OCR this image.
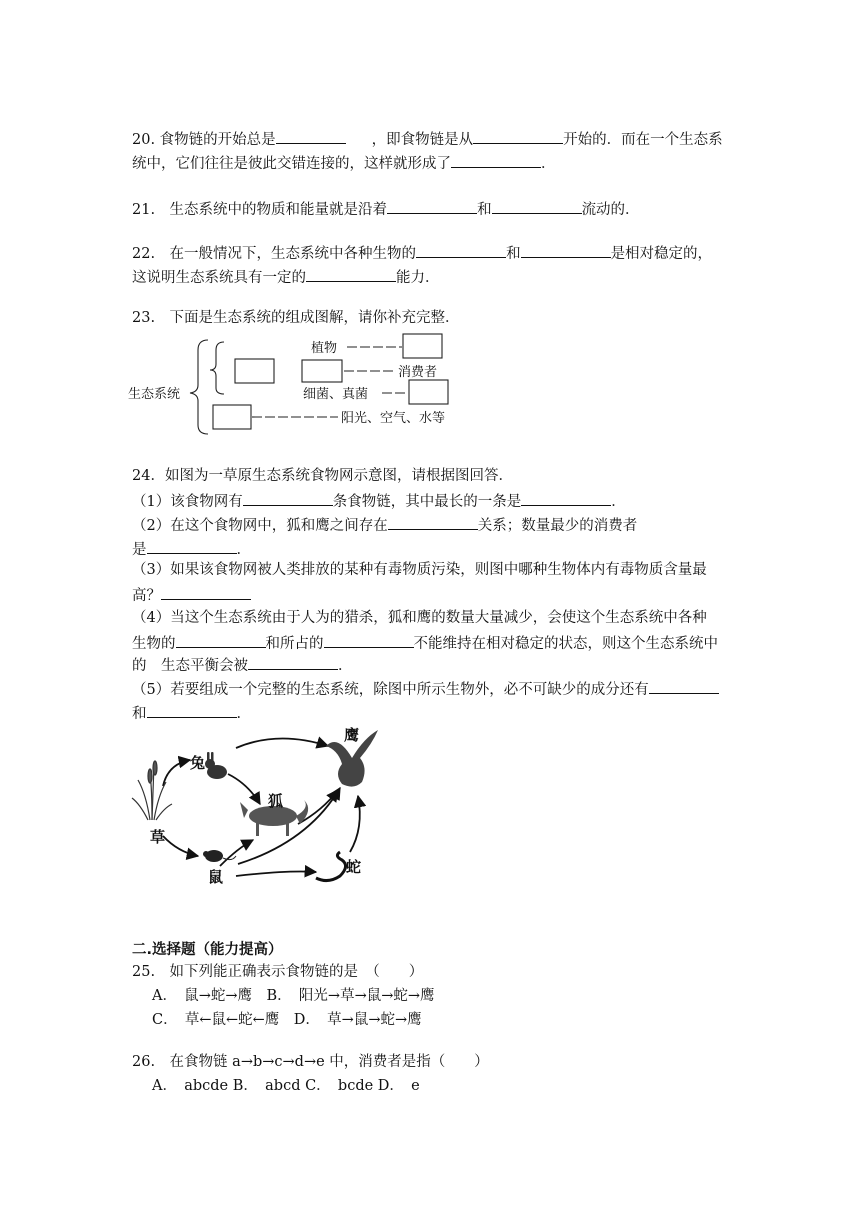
20. 食物链的开始总是	，即食物链是从	开始的．而在一个生态系
统中，它们往往是彼此交错连接的，这样就形成了	．
21.　生态系统中的物质和能量就是沿着	和	流动的．
22.　在一般情况下，生态系统中各种生物的	和	是相对稳定的，
这说明生态系统具有一定的	能力．
23.　下面是生态系统的组成图解，请你补充完整．
生态系统
植物
消费者
细菌、真菌
阳光、空气、水等
24．如图为一草原生态系统食物网示意图，请根据图回答．
（1）该食物网有	条食物链，其中最长的一条是	．
（2）在这个食物网中，狐和鹰之间存在	关系；数量最少的消费者
是	．
（3）如果该食物网被人类排放的某种有毒物质污染，则图中哪种生物体内有毒物质含量最
高？
（4）当这个生态系统由于人为的猎杀，狐和鹰的数量大量减少，会使这个生态系统中各种
生物的	和所占的	不能维持在相对稳定的状态，则这个生态系统中
的　生态平衡会被	．
（5）若要组成一个完整的生态系统，除图中所示生物外，必不可缺少的成分还有
和	．
草
兔
狐
鼠
鹰
蛇
二.选择题（能力提高）
25.　如下列能正确表示食物链的是　（　　）
A．　鼠→蛇→鹰　B．　阳光→草→鼠→蛇→鹰
C．　草←鼠←蛇←鹰　D．　草→鼠→蛇→鹰
26.　在食物链 a→b→c→d→e 中，消费者是指（　　）
A．　abcde B．　abcd C．　bcde D．　e
